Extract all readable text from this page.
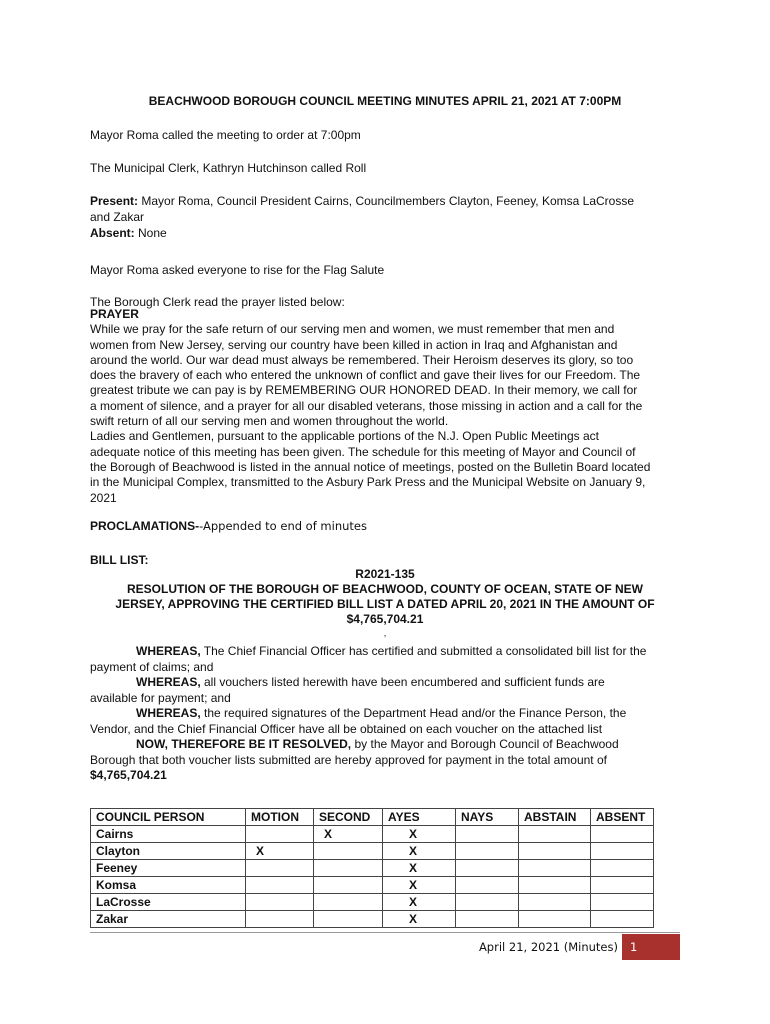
BEACHWOOD BOROUGH COUNCIL MEETING MINUTES APRIL 21, 2021 AT 7:00PM
Mayor Roma called the meeting to order at 7:00pm
The Municipal Clerk, Kathryn Hutchinson called Roll
Present: Mayor Roma, Council President Cairns, Councilmembers Clayton, Feeney, Komsa LaCrosse
and Zakar
Absent: None
Mayor Roma asked everyone to rise for the Flag Salute
The Borough Clerk read the prayer listed below:
PRAYER
While we pray for the safe return of our serving men and women, we must remember that men and
women from New Jersey, serving our country have been killed in action in Iraq and Afghanistan and
around the world. Our war dead must always be remembered. Their Heroism deserves its glory, so too
does the bravery of each who entered the unknown of conflict and gave their lives for our Freedom. The
greatest tribute we can pay is by REMEMBERING OUR HONORED DEAD. In their memory, we call for
a moment of silence, and a prayer for all our disabled veterans, those missing in action and a call for the
swift return of all our serving men and women throughout the world.
Ladies and Gentlemen, pursuant to the applicable portions of the N.J. Open Public Meetings act
adequate notice of this meeting has been given. The schedule for this meeting of Mayor and Council of
the Borough of Beachwood is listed in the annual notice of meetings, posted on the Bulletin Board located
in the Municipal Complex, transmitted to the Asbury Park Press and the Municipal Website on January 9,
2021
PROCLAMATIONS--Appended to end of minutes
BILL LIST:
R2021-135
RESOLUTION OF THE BOROUGH OF BEACHWOOD, COUNTY OF OCEAN, STATE OF NEW
JERSEY, APPROVING THE CERTIFIED BILL LIST A DATED APRIL 20, 2021 IN THE AMOUNT OF
$4,765,704.21
,
WHEREAS, The Chief Financial Officer has certified and submitted a consolidated bill list for the
payment of claims; and
WHEREAS, all vouchers listed herewith have been encumbered and sufficient funds are
available for payment; and
WHEREAS, the required signatures of the Department Head and/or the Finance Person, the
Vendor, and the Chief Financial Officer have all be obtained on each voucher on the attached list
NOW, THEREFORE BE IT RESOLVED, by the Mayor and Borough Council of Beachwood
Borough that both voucher lists submitted are hereby approved for payment in the total amount of
$4,765,704.21
COUNCIL PERSON	MOTION	SECOND	AYES	NAYS	ABSTAIN	ABSENT
Cairns		X	X			
Clayton	X		X			
Feeney			X			
Komsa			X			
LaCrosse			X			
Zakar			X			
April 21, 2021 (Minutes)	1
